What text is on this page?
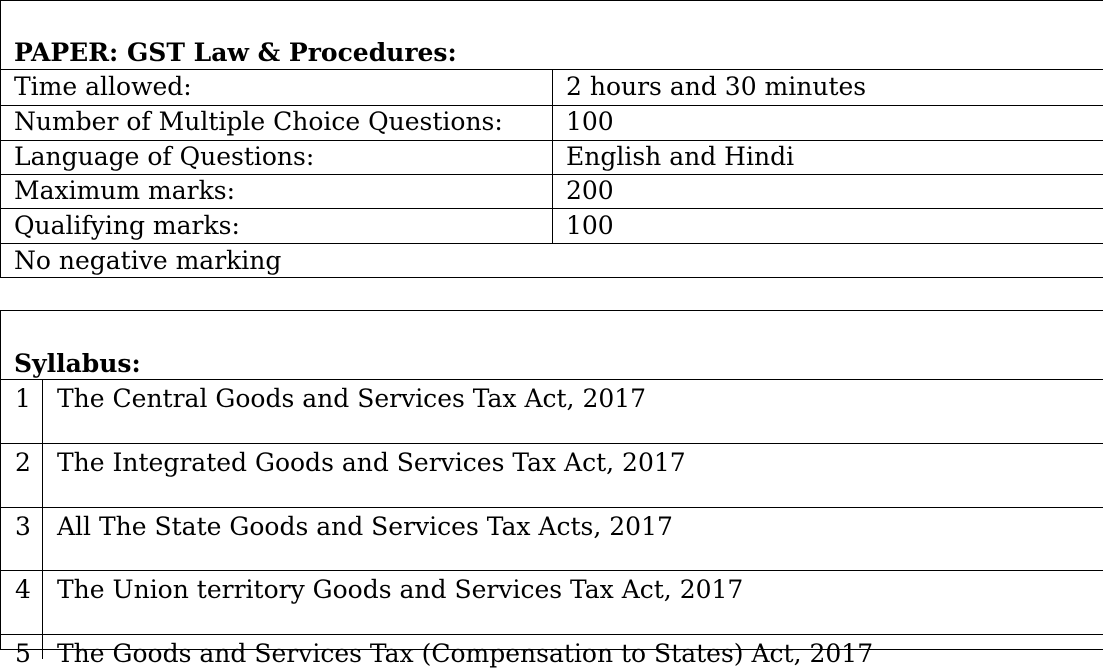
PAPER: GST Law & Procedures:
Time allowed:	2 hours and 30 minutes
Number of Multiple Choice Questions:	100
Language of Questions:	English and Hindi
Maximum marks:	200
Qualifying marks:	100
No negative marking
Syllabus:
1 The Central Goods and Services Tax Act, 2017
2 The Integrated Goods and Services Tax Act, 2017
3 All The State Goods and Services Tax Acts, 2017
4 The Union territory Goods and Services Tax Act, 2017
5 The Goods and Services Tax (Compensation to States) Act, 2017
